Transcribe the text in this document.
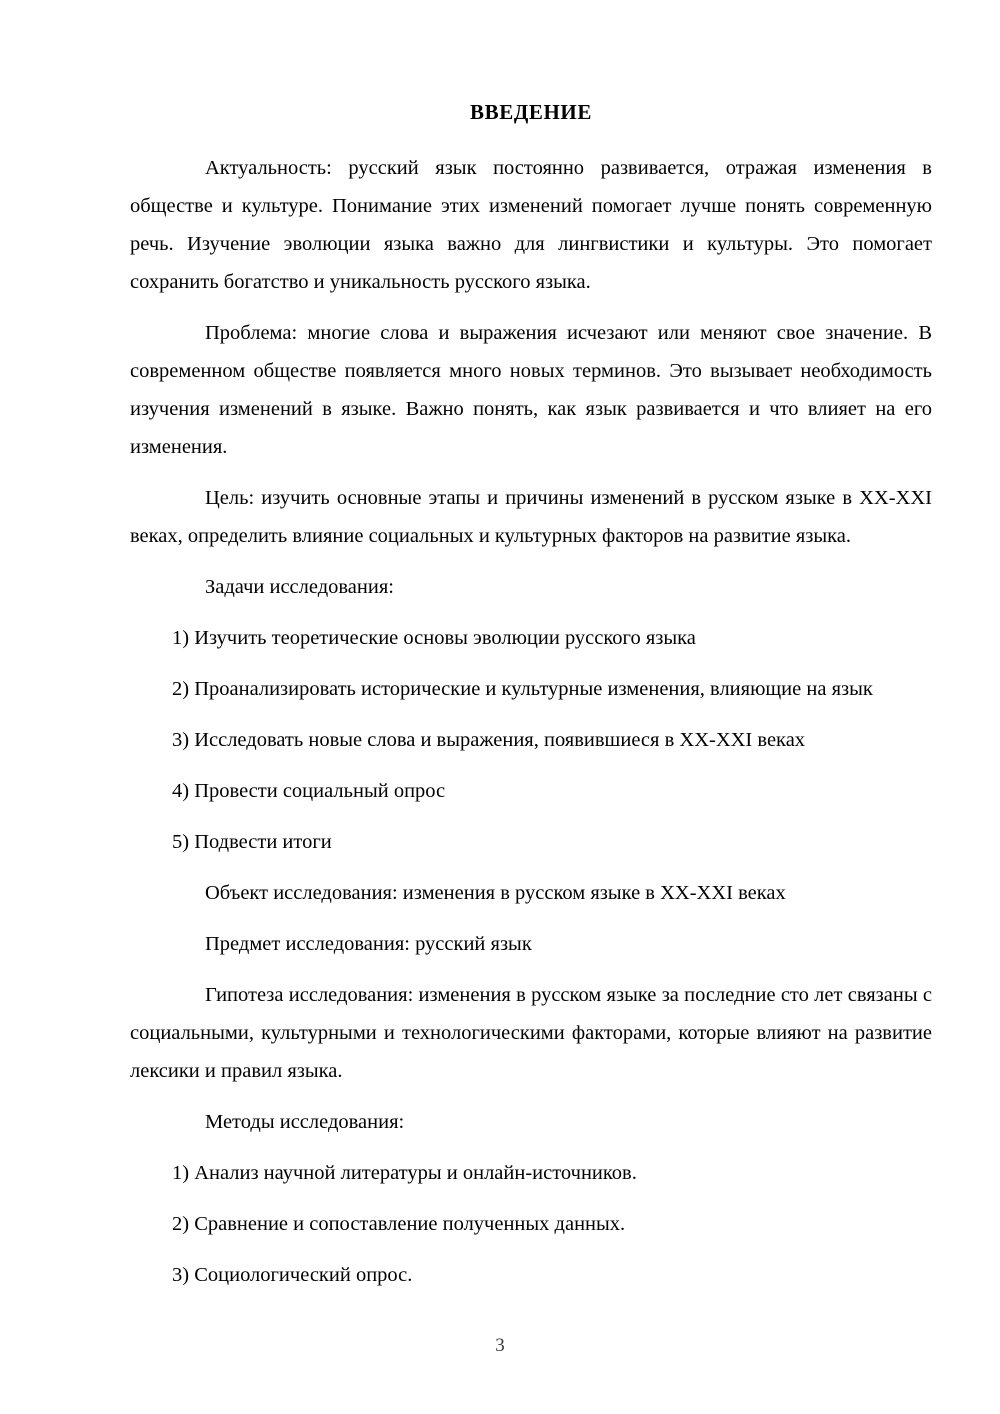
ВВЕДЕНИЕ

Актуальность: русский язык постоянно развивается, отражая изменения в обществе и культуре. Понимание этих изменений помогает лучше понять современную речь. Изучение эволюции языка важно для лингвистики и культуры. Это помогает сохранить богатство и уникальность русского языка.

Проблема: многие слова и выражения исчезают или меняют свое значение. В современном обществе появляется много новых терминов. Это вызывает необходимость изучения изменений в языке. Важно понять, как язык развивается и что влияет на его изменения.

Цель: изучить основные этапы и причины изменений в русском языке в XX-XXI веках, определить влияние социальных и культурных факторов на развитие языка.

Задачи исследования:

1) Изучить теоретические основы эволюции русского языка

2) Проанализировать исторические и культурные изменения, влияющие на язык

3) Исследовать новые слова и выражения, появившиеся в XX-XXI веках

4) Провести социальный опрос

5) Подвести итоги

Объект исследования: изменения в русском языке в XX-XXI веках

Предмет исследования: русский язык

Гипотеза исследования: изменения в русском языке за последние сто лет связаны с социальными, культурными и технологическими факторами, которые влияют на развитие лексики и правил языка.

Методы исследования:

1) Анализ научной литературы и онлайн-источников.

2) Сравнение и сопоставление полученных данных.

3) Социологический опрос.

3
